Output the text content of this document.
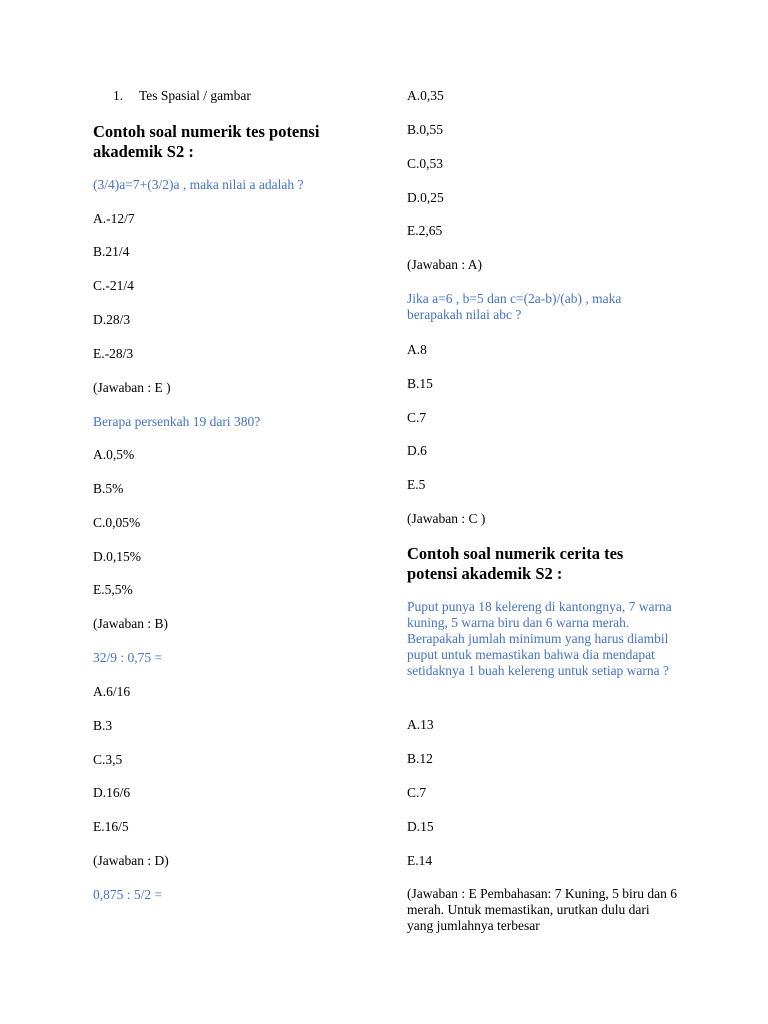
1. Tes Spasial / gambar
Contoh soal numerik tes potensi akademik S2 :
(3/4)a=7+(3/2)a , maka nilai a adalah ?
A.-12/7
B.21/4
C.-21/4
D.28/3
E.-28/3
(Jawaban : E )
Berapa persenkah 19 dari 380?
A.0,5%
B.5%
C.0,05%
D.0,15%
E.5,5%
(Jawaban : B)
32/9 : 0,75 =
A.6/16
B.3
C.3,5
D.16/6
E.16/5
(Jawaban : D)
0,875 : 5/2 =
A.0,35
B.0,55
C.0,53
D.0,25
E.2,65
(Jawaban : A)
Jika a=6 , b=5 dan c=(2a-b)/(ab) , maka berapakah nilai abc ?
A.8
B.15
C.7
D.6
E.5
(Jawaban : C )
Contoh soal numerik cerita tes potensi akademik S2 :
Puput punya 18 kelereng di kantongnya, 7 warna kuning, 5 warna biru dan 6 warna merah. Berapakah jumlah minimum yang harus diambil puput untuk memastikan bahwa dia mendapat setidaknya 1 buah kelereng untuk setiap warna ?
A.13
B.12
C.7
D.15
E.14
(Jawaban : E Pembahasan: 7 Kuning, 5 biru dan 6 merah. Untuk memastikan, urutkan dulu dari yang jumlahnya terbesar
